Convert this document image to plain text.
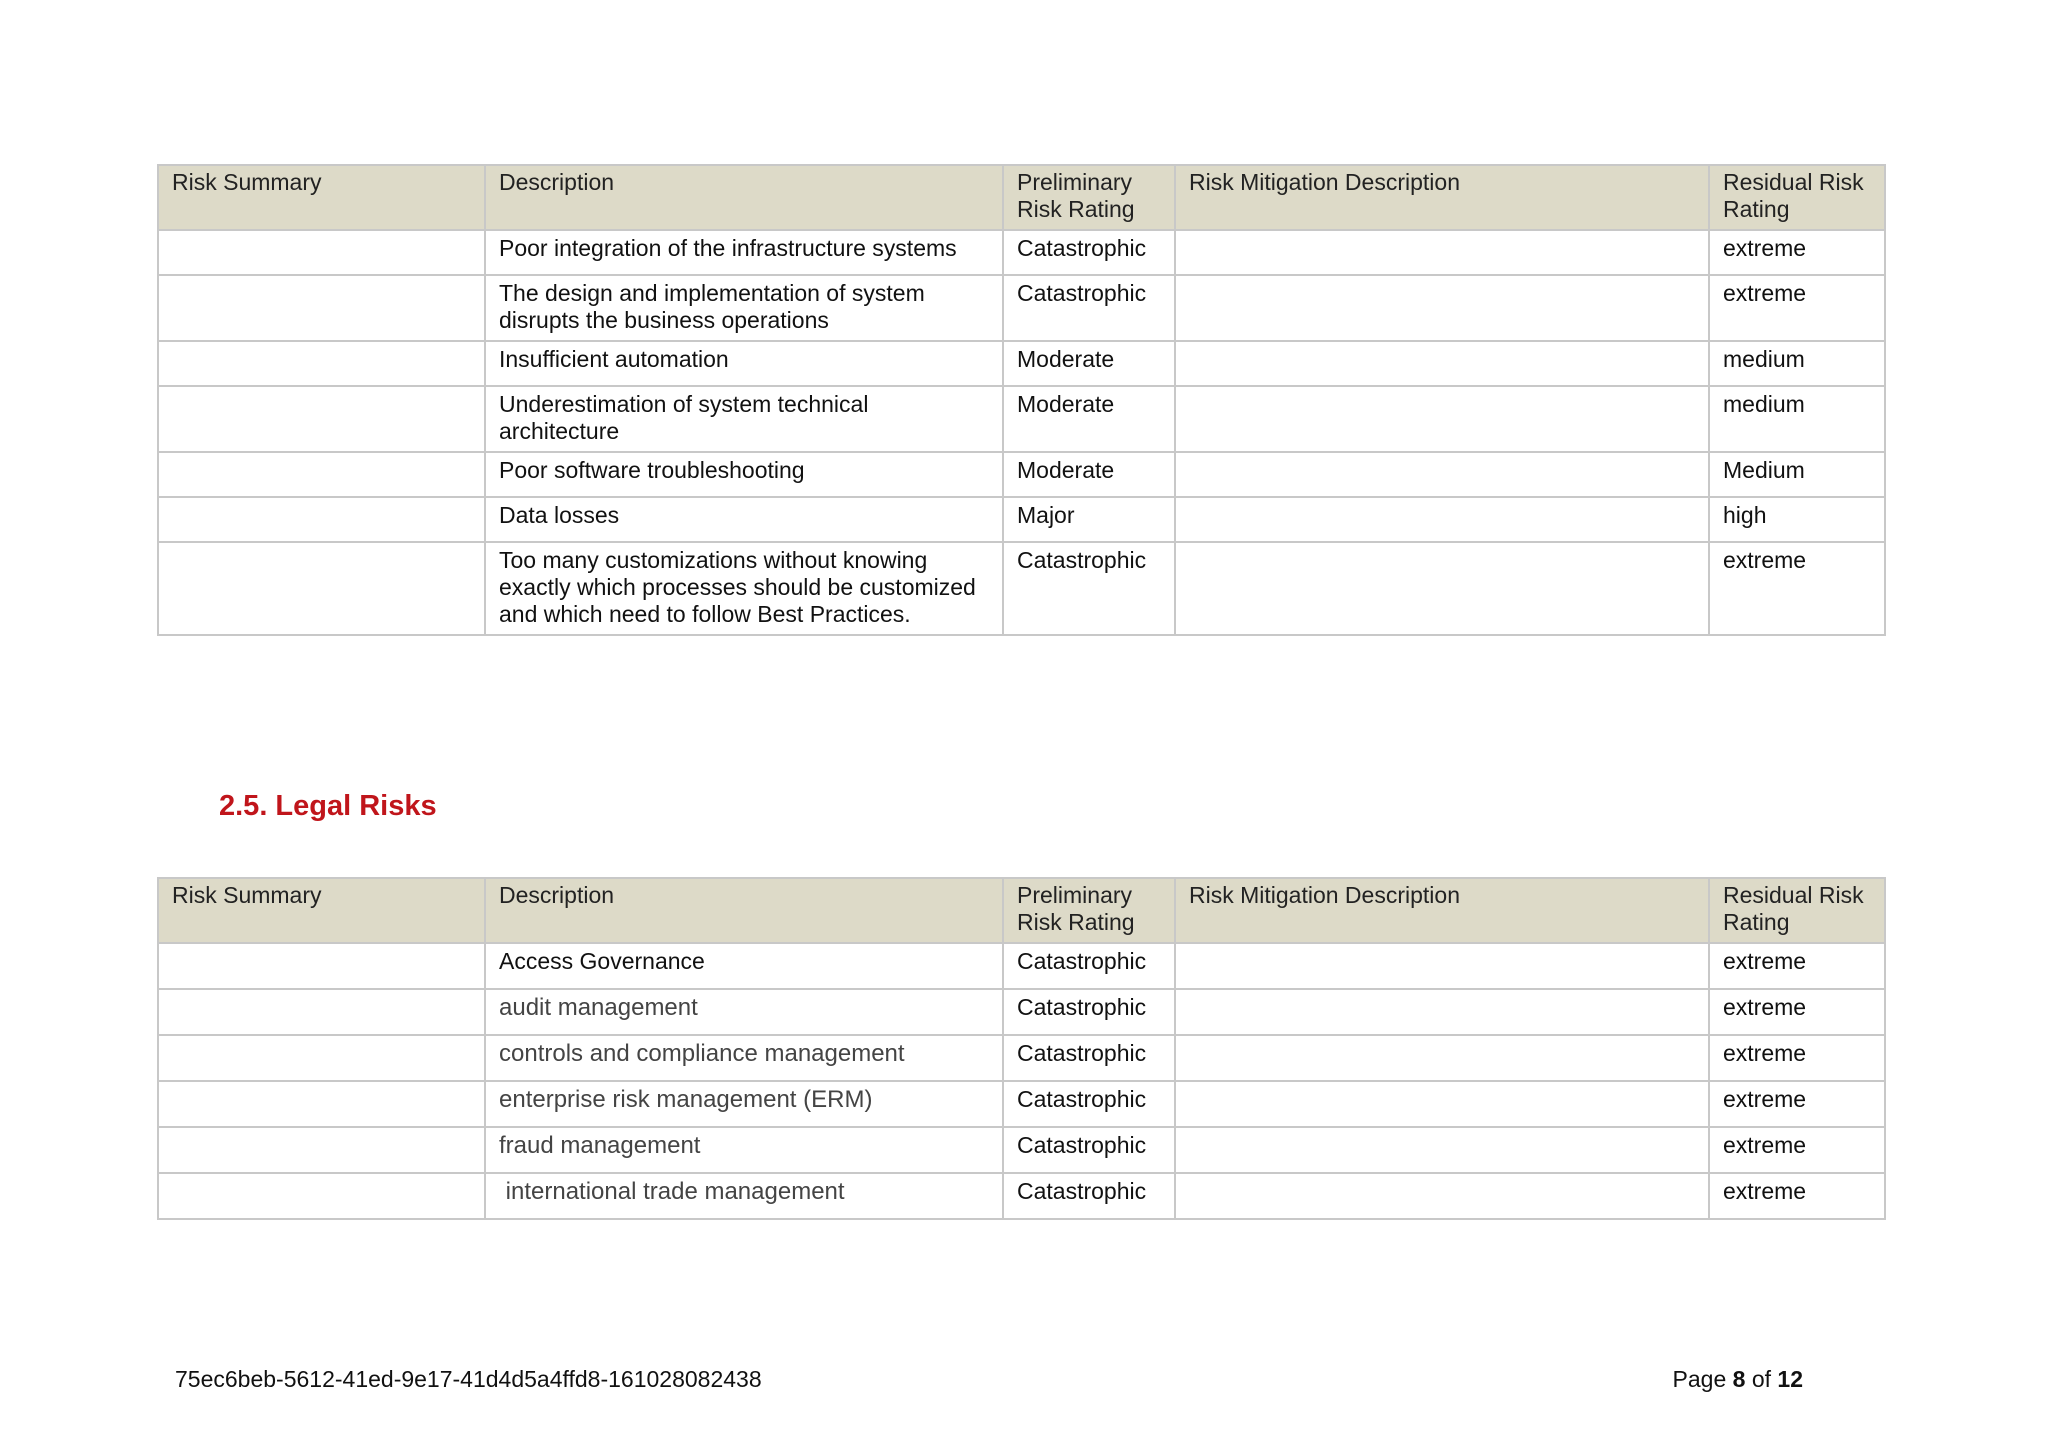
Risk Summary	Description	Preliminary Risk Rating	Risk Mitigation Description	Residual Risk Rating
	Poor integration of the infrastructure systems	Catastrophic		extreme
	The design and implementation of system disrupts the business operations	Catastrophic		extreme
	Insufficient automation	Moderate		medium
	Underestimation of system technical architecture	Moderate		medium
	Poor software troubleshooting	Moderate		Medium
	Data losses	Major		high
	Too many customizations without knowing exactly which processes should be customized and which need to follow Best Practices.	Catastrophic		extreme
2.5. Legal Risks
Risk Summary	Description	Preliminary Risk Rating	Risk Mitigation Description	Residual Risk Rating
	Access Governance	Catastrophic		extreme
	audit management	Catastrophic		extreme
	controls and compliance management	Catastrophic		extreme
	enterprise risk management (ERM)	Catastrophic		extreme
	fraud management	Catastrophic		extreme
	international trade management	Catastrophic		extreme
75ec6beb-5612-41ed-9e17-41d4d5a4ffd8-161028082438	Page 8 of 12
